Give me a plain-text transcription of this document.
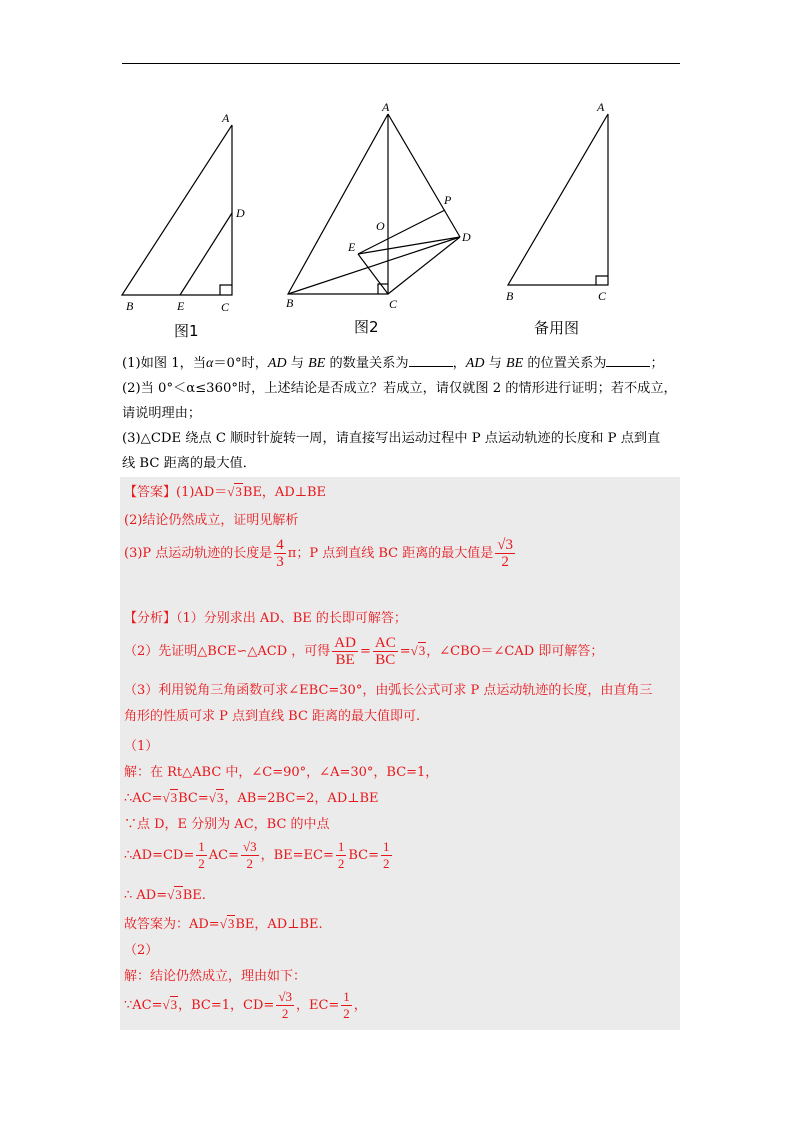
A
D
B	E	C
图1
A
P
O
E
D
B	C
图2
A
B	C
备用图

(1)如图 1，当α＝0°时，AD 与 BE 的数量关系为	，AD 与 BE 的位置关系为	；

(2)当 0°＜α≤360°时，上述结论是否成立？若成立，请仅就图 2 的情形进行证明；若不成立，

请说明理由；

(3)△CDE 绕点 C 顺时针旋转一周，请直接写出运动过程中 P 点运动轨迹的长度和 P 点到直

线 BC 距离的最大值．

【答案】(1)AD＝√3BE，AD⊥BE
(2)结论仍然成立，证明见解析
(3)P 点运动轨迹的长度是 $\frac{4}{3}$ π；P 点到直线 BC 距离的最大值是 $\frac{√3}{2}$
【分析】（1）分别求出 AD、BE 的长即可解答；
（2）先证明△BCE∽△ACD ，可得 $\frac{AD}{BE} = \frac{AC}{BC} =√3$，∠CBO＝∠CAD 即可解答；
（3）利用锐角三角函数可求∠EBC=30°，由弧长公式可求 P 点运动轨迹的长度，由直角三
角形的性质可求 P 点到直线 BC 距离的最大值即可.
（1）
解：在 Rt△ABC 中，∠C=90°，∠A=30°，BC=1，
∴AC=√3BC=√3，AB=2BC=2，AD⊥BE
∵点 D，E 分别为 AC，BC 的中点
∴AD=CD= $\frac{1}{2} AC= \frac{√3}{2}$ ，$BE=EC= \frac{1}{2} BC= \frac{1}{2}$
∴ AD=√3BE.
故答案为：AD=√3BE，AD⊥BE.
（2）
解：结论仍然成立，理由如下：
∵AC=√3，BC=1，$CD= \frac{√3}{2}$ ，$EC= \frac{1}{2}$ ，
